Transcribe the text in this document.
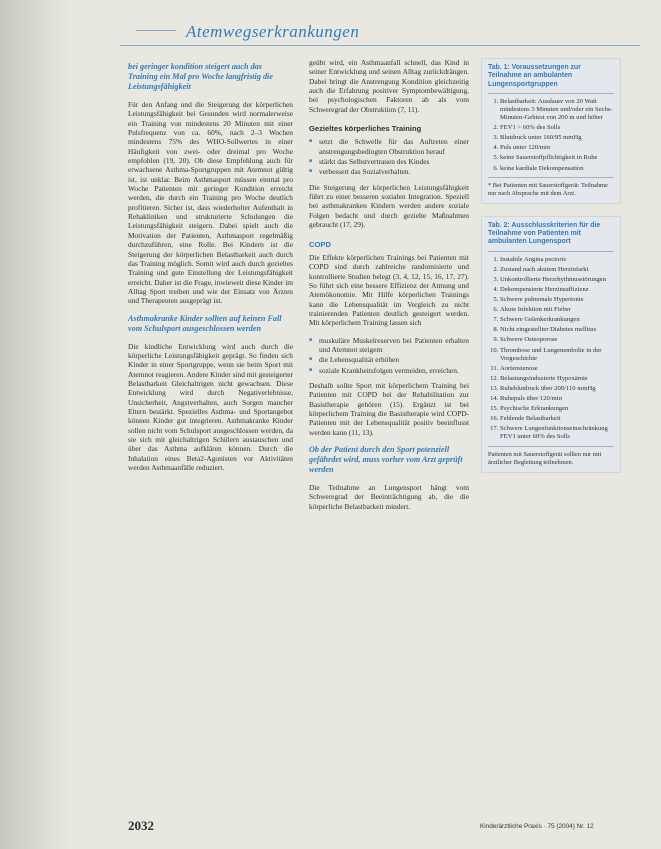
Atemwegserkrankungen
bei geringer kondition steigert auch das Training ein Mal pro Woche langfristig die Leistungsfähigkeit

Für den Anfang und die Steigerung der körperlichen Leistungsfähigkeit bei Gesunden wird normalerweise ein Training von mindestens 20 Minuten mit einer Pulsfrequenz von ca. 60%, nach 2–3 Wochen mindestens 75% des WHO-Sollwertes in einer Häufigkeit von zwei- oder dreimal pro Woche empfohlen (19, 20). Ob diese Empfehlung auch für erwachsene Asthma-Sportgruppen mit Atemnot gültig ist, ist unklar. Beim Asthmasport müssen einmal pro Woche Patienten mit geringer Kondition erreicht werden, die durch ein Training pro Woche deutlich profitieren. Sicher ist, dass wiederholter Aufenthalt in Rehakliniken und strukturierte Schulungen die Leistungsfähigkeit steigern. Dabei spielt auch die Motivation der Patienten, Asthmasport regelmäßig durchzuführen, eine Rolle. Bei Kindern ist die Steigerung der körperlichen Belastbarkeit auch durch das Training möglich. Somit wird auch durch gezieltes Training und gute Einstellung der Leistungsfähigkeit erreicht. Daher ist die Frage, inwieweit diese Kinder im Alltag Sport treiben und wie der Einsatz von Ärzten und Therapeuten ausgeprägt ist.

Asthmakranke Kinder sollten auf keinen Fall vom Schulsport ausgeschlossen werden

Die kindliche Entwicklung wird auch durch die körperliche Leistungsfähigkeit geprägt. So finden sich Kinder in einer Sportgruppe, wenn sie beim Sport mit Atemnot reagieren. Andere Kinder sind mit gesteigerter Belastbarkeit Gleichaltrigen nicht gewachsen. Diese Entwicklung wird durch Negativerlebnisse, Unsicherheit, Angstverhalten, auch Sorgen mancher Eltern bestärkt. Spezielles Asthma- und Sportangebot können Kinder gut integrieren. Asthmakranke Kinder sollen nicht vom Schulsport ausgeschlossen werden, da sie sich mit gleichaltrigen Schülern austauschen und über das Asthma aufklären können. Durch die Inhalation eines Beta2-Agonisten vor Aktivitäten werden Asthmaanfälle reduziert.

geübt wird, ein Asthmaanfall schnell, das Kind in seiner Entwicklung und seinen Alltag zurückdrängen. Dabei bringt die Anstrengung Kondition gleichzeitig auch die Erfahrung positiver Symptombewältigung, bei psychologischen Faktoren ab als vom Schweregrad der Obstruktion (7, 11).

Gezieltes körperliches Training
■ setzt die Schwelle für das Auftreten einer anstrengungsbedingten Obstruktion herauf
■ stärkt das Selbstvertrauen des Kindes
■ verbessert das Sozialverhalten.

Die Steigerung der körperlichen Leistungsfähigkeit führt zu einer besseren sozialen Integration. Speziell bei asthmakranken Kindern werden andere soziale Folgen bedacht und durch gezielte Maßnahmen gebraucht (17, 29).

COPD

Die Effekte körperlichen Trainings bei Patienten mit COPD sind durch zahlreiche randomisierte und kontrollierte Studien belegt (3, 4, 12, 15, 16, 17, 27). So führt sich eine bessere Effizienz der Atmung und Atemökonomie. Mit Hilfe körperlichen Trainings kann die Lebensqualität im Vergleich zu nicht trainierenden Patienten deutlich gesteigert werden. Mit körperlichem Training lassen sich

■ muskuläre Muskelreserven bei Patienten erhalten und Atemnot steigern
■ die Lebensqualität erhöhen
■ soziale Krankheitsfolgen vermeiden, erreichen.

Deshalb sollte Sport mit körperlichem Training bei Patienten mit COPD bei der Rehabilitation zur Basistherapie gehören (15). Ergänzt ist bei körperlichem Training die Basistherapie wird COPD-Patienten mit der Lebensqualität positiv beeinflusst werden kann (11, 13).

Ob der Patient durch den Sport potenziell gefährdet wird, muss vorher vom Arzt geprüft werden

Die Teilnahme an Lungensport hängt vom Schweregrad der Beeinträchtigung ab, die die körperliche Belastbarkeit mindert.

Tab. 1: Voraussetzungen zur Teilnahme an ambulanten Lungensportgruppen
1. Belastbarkeit: Ausdauer von 20 Watt mindestens 3 Minuten und/oder ein Sechs-Minuten-Gehtest von 200 m und höher
2. FEV1 > 60% des Solls
3. Blutdruck unter 160/95 mmHg
4. Puls unter 120/min
5. keine Sauerstoffpflichtigkeit in Ruhe
6. keine kardiale Dekompensation
* Bei Patienten mit Sauerstoffgerät: Teilnahme nur nach Absprache mit dem Arzt.
Tab. 2: Ausschlusskriterien für die Teilnahme von Patienten mit ambulanten Lungensport
1. Instabile Angina pectoris
2. Zustand nach akutem Herzinfarkt
3. Unkontrollierte Herzrhythmusstörungen
4. Dekompensierte Herzinsuffizienz
5. Schwere pulmonale Hypertonie
6. Akute Infektion mit Fieber
7. Schwere Gelenkerkrankungen
8. Nicht eingestellter Diabetes mellitus
9. Schwere Osteoporose
10. Thrombose und Lungenembolie in der Vorgeschichte
11. Aortenstenose
12. Belastungsinduzierte Hypoxämie
13. Ruheblutdruck über 200/110 mmHg
14. Ruhepuls über 120/min
15. Psychische Erkrankungen
16. Fehlende Belastbarkeit
17. Schwere Lungenfunktionseinschränkung FEV1 unter 60% des Solls
Patienten mit Sauerstoffgerät sollten nur mit ärztlicher Begleitung teilnehmen.
2032	Kinderärztliche Praxis · 75 (2004) Nr. 12
